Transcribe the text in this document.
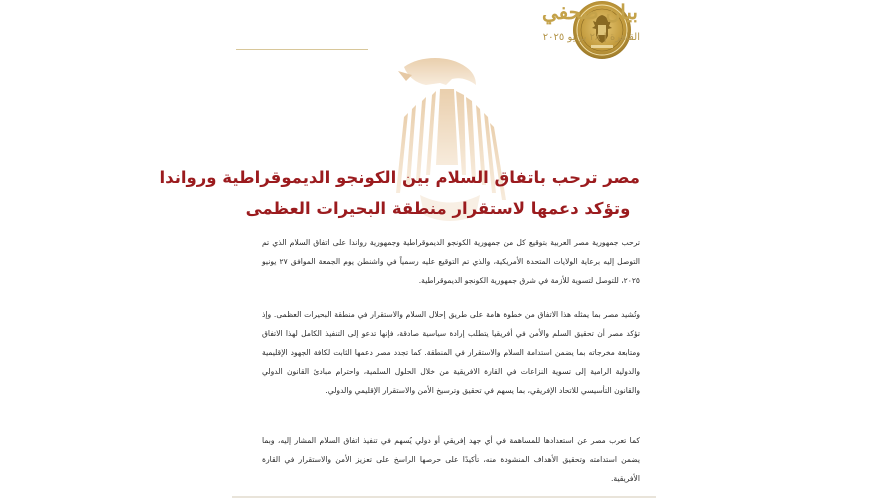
بيان صحفي
القاهرة | ٢٨ يونيو ٢٠٢٥
مصر ترحب باتفاق السلام بين الكونجو الديموقراطية ورواندا
وتؤكد دعمها لاستقرار منطقة البحيرات العظمى
ترحب جمهورية مصر العربية بتوقيع كل من جمهورية الكونجو الديموقراطية وجمهورية رواندا على اتفاق السلام الذي تم التوصل إليه برعاية الولايات المتحدة الأمريكية، والذي تم التوقيع عليه رسمياً في واشنطن يوم الجمعة الموافق ٢٧ يونيو ٢٠٢٥، للتوصل لتسوية للأزمة في شرق جمهورية الكونجو الديموقراطية.
وتُشيد مصر بما يمثله هذا الاتفاق من خطوة هامة على طريق إحلال السلام والاستقرار في منطقة البحيرات العظمى. وإذ تؤكد مصر أن تحقيق السلم والأمن في أفريقيا يتطلب إرادة سياسية صادقة، فإنها تدعو إلى التنفيذ الكامل لهذا الاتفاق ومتابعة مخرجاته بما يضمن استدامة السلام والاستقرار في المنطقة. كما تجدد مصر دعمها الثابت لكافة الجهود الإقليمية والدولية الرامية إلى تسوية النزاعات في القارة الافريقية من خلال الحلول السلمية، واحترام مبادئ القانون الدولي والقانون التأسيسي للاتحاد الإفريقي، بما يسهم في تحقيق وترسيخ الأمن والاستقرار الإقليمي والدولي.
كما تعرب مصر عن استعدادها للمساهمة في أي جهد إفريقي أو دولي يُسهم في تنفيذ اتفاق السلام المشار إليه، وبما يضمن استدامته وتحقيق الأهداف المنشودة منه، تأكيدًا على حرصها الراسخ على تعزيز الأمن والاستقرار في القارة الأفريقية.
